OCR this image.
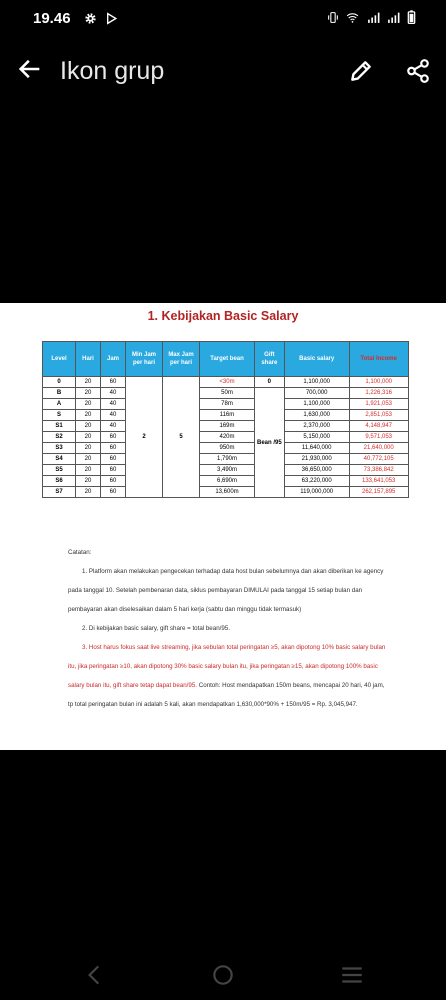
19.46

Ikon grup
1. Kebijakan Basic Salary
Level	Hari	Jam	Min Jam per hari	Max Jam per hari	Target bean	Gift share	Basic salary	Total Income
0	20	60	2	5	<30m	0	1,100,000	1,100,000
B	20	40			50m	Bean /95	700,000	1,226,316
A	20	40			78m		1,100,000	1,921,053
S	20	40			116m		1,630,000	2,851,053
S1	20	40			169m		2,370,000	4,148,947
S2	20	60			420m		5,150,000	9,571,053
S3	20	60			950m		11,640,000	21,640,000
S4	20	60			1,790m		21,930,000	40,772,105
S5	20	60			3,490m		36,650,000	73,386,842
S6	20	60			6,690m		63,220,000	133,641,053
S7	20	60			13,600m		119,000,000	262,157,895

Catatan:

1. Platform akan melakukan pengecekan terhadap data host bulan sebelumnya dan akan diberikan ke agency pada tanggal 10. Setelah pembenaran data, siklus pembayaran DIMULAI pada tanggal 15 setiap bulan dan pembayaran akan diselesaikan dalam 5 hari kerja (sabtu dan minggu tidak termasuk)

2. Di kebijakan basic salary, gift share = total bean/95.

3. Host harus fokus saat live streaming, jika sebulan total peringatan ≥5, akan dipotong 10% basic salary bulan itu, jika peringatan ≥10, akan dipotong 30% basic salary bulan itu, jika peringatan ≥15, akan dipotong 100% basic salary bulan itu, gift share tetap dapat bean/95. Contoh: Host mendapatkan 150m beans, mencapai 20 hari, 40 jam, tp total peringatan bulan ini adalah 5 kali, akan mendapatkan 1,630,000*90% + 150m/95 = Rp. 3,045,947.
